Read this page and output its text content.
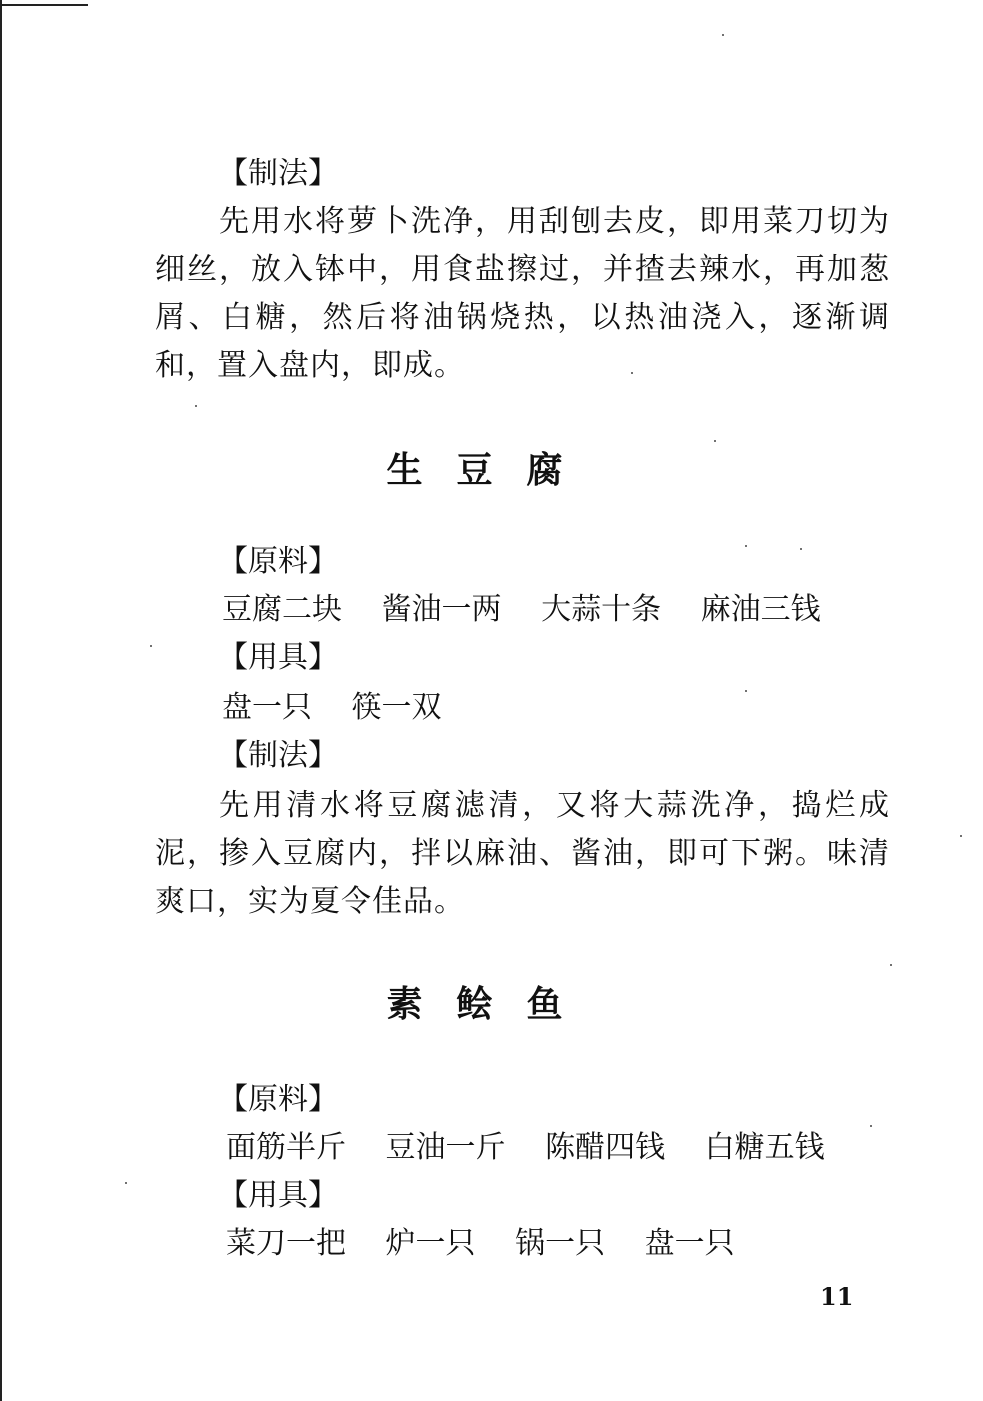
【制法】
先用水将萝卜洗净，用刮刨去皮，即用菜刀切为细丝，放入钵中，用食盐擦过，并揸去辣水，再加葱屑、白糖，然后将油锅烧热，以热油浇入，逐渐调和，置入盘内，即成。
生豆腐
【原料】
豆腐二块 酱油一两 大蒜十条 麻油三钱
【用具】
盘一只 筷一双
【制法】
先用清水将豆腐滤清，又将大蒜洗净，捣烂成泥，掺入豆腐内，拌以麻油、酱油，即可下粥。味清爽口，实为夏令佳品。
素鲙鱼
【原料】
面筋半斤 豆油一斤 陈醋四钱 白糖五钱
【用具】
菜刀一把 炉一只 锅一只 盘一只
11
